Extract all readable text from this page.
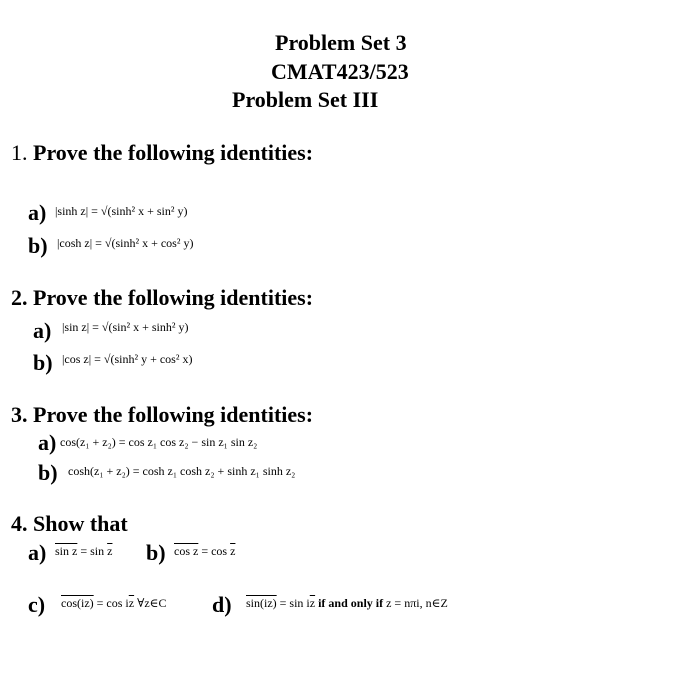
Problem Set 3
CMAT423/523
Problem Set III
1. Prove the following identities:
a) |sinh z| = √(sinh² x + sin² y)
b) |cosh z| = √(sinh² x + cos² y)
2. Prove the following identities:
a) |sin z| = √(sin² x + sinh² y)
b) |cos z| = √(sinh² y + cos² x)
3. Prove the following identities:
a) cos(z₁ + z₂) = cos z₁ cos z₂ − sin z₁ sin z₂
b) cosh(z₁ + z₂) = cosh z₁ cosh z₂ + sinh z₁ sinh z₂
4. Show that
a) $\sin z = \sin \overline{z}$ b) $\cos z = \cos \overline{z}$
c) $\cos(iz) = \cos i\overline{z}$ ∀z∈C d) $\sin(iz) = \sin i\overline{z}$ if and only if z = nπi, n∈Z
